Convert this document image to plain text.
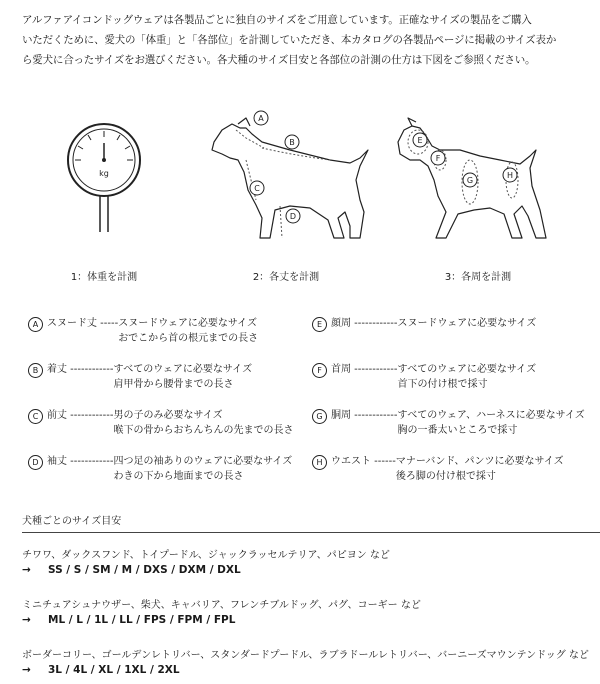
アルファアイコンドッグウェアは各製品ごとに独自のサイズをご用意しています。正確なサイズの製品をご購入
いただくために、愛犬の「体重」と「各部位」を計測していただき、本カタログの各製品ページに掲載のサイズ表か
ら愛犬に合ったサイズをお選びください。各犬種のサイズ目安と各部位の計測の仕方は下図をご参照ください。
kg
A
B
C
D
E
F
G
H
1：体重を計測	2：各丈を計測	3：各周を計測
A スヌード丈 ----- スヌードウェアに必要なサイズ
おでこから首の根元までの長さ
B 着丈 ------------ すべてのウェアに必要なサイズ
肩甲骨から腰骨までの長さ
C 前丈 ------------ 男の子のみ必要なサイズ
喉下の骨からおちんちんの先までの長さ
D 袖丈 ------------ 四つ足の袖ありのウェアに必要なサイズ
わきの下から地面までの長さ
E 顔周 ------------ スヌードウェアに必要なサイズ

F 首周 ------------ すべてのウェアに必要なサイズ
首下の付け根で採寸
G 胴周 ------------ すべてのウェア、ハーネスに必要なサイズ
胸の一番太いところで採寸
H ウエスト ------ マナーバンド、パンツに必要なサイズ
後ろ脚の付け根で採寸
犬種ごとのサイズ目安
チワワ、ダックスフンド、トイプードル、ジャックラッセルテリア、パピヨン など
→ SS / S / SM / M / DXS / DXM / DXL
ミニチュアシュナウザー、柴犬、キャバリア、フレンチブルドッグ、パグ、コーギー など
→ ML / L / 1L / LL / FPS / FPM / FPL
ボーダーコリー、ゴールデンレトリバー、スタンダードプードル、ラブラドールレトリバー、バーニーズマウンテンドッグ など
→ 3L / 4L / XL / 1XL / 2XL
